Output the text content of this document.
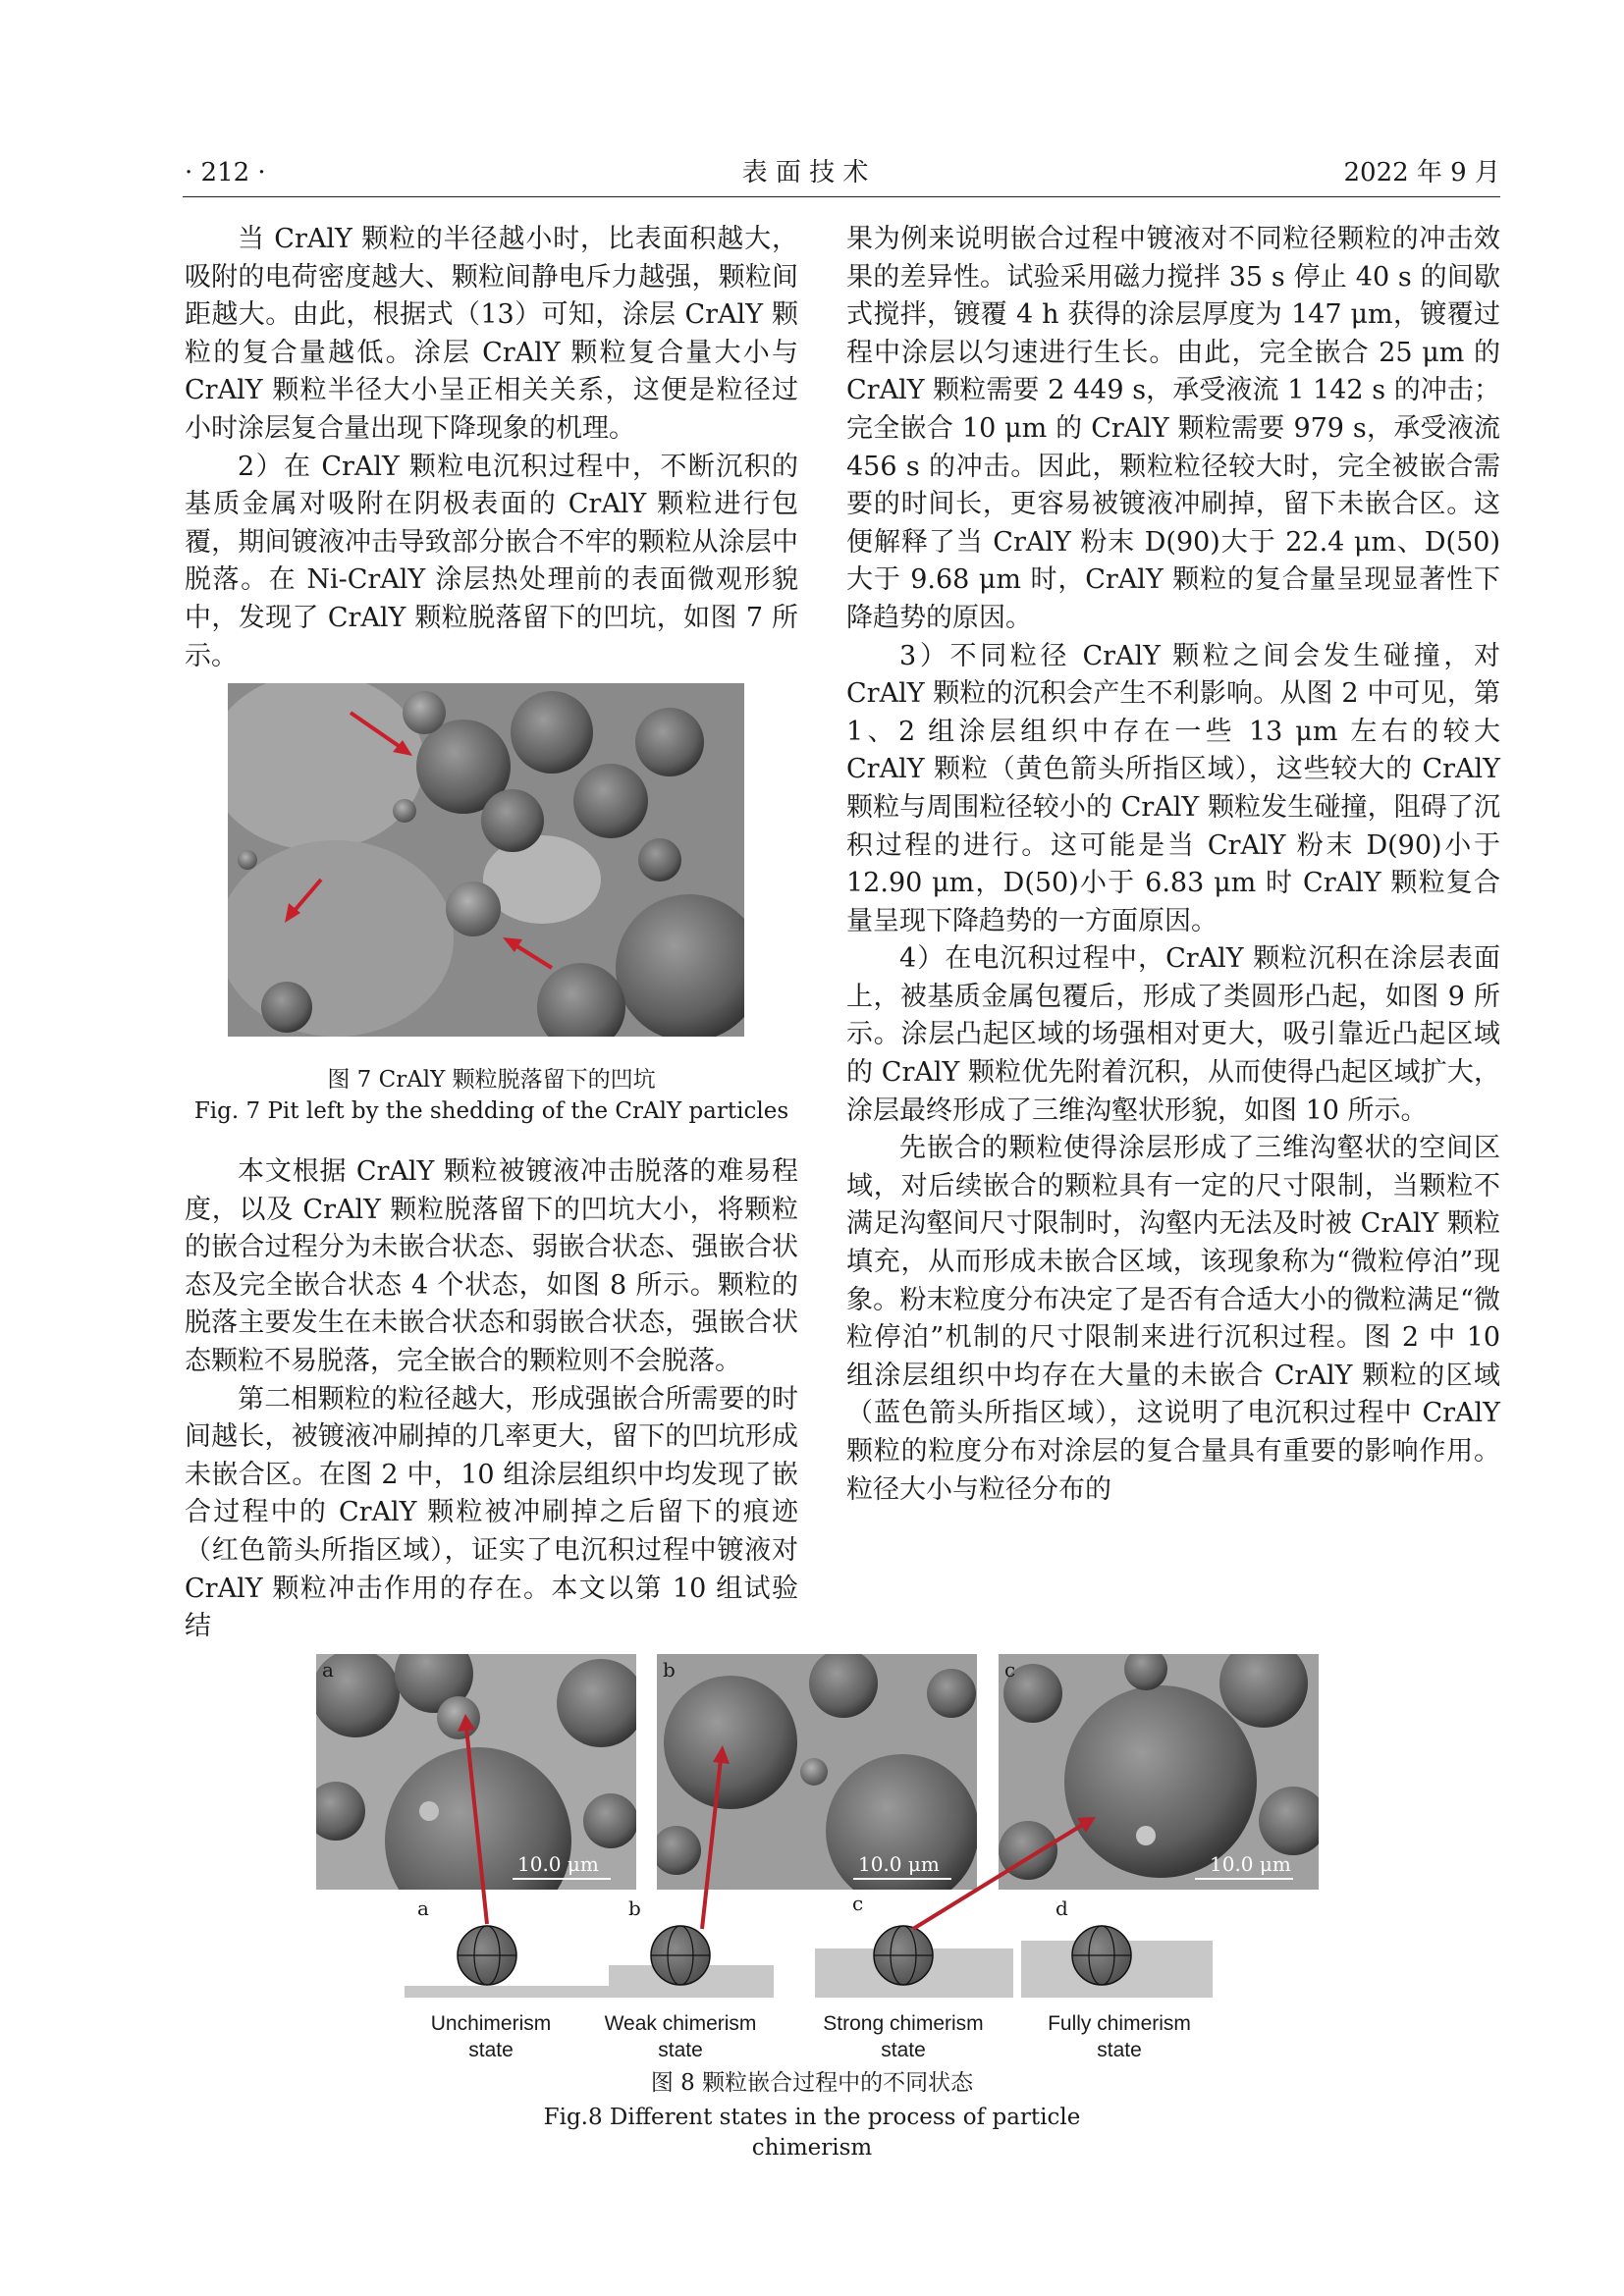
· 212 ·	表 面 技 术	2022 年 9 月

当 CrAlY 颗粒的半径越小时，比表面积越大，吸附的电荷密度越大、颗粒间静电斥力越强，颗粒间距越大。由此，根据式（13）可知，涂层 CrAlY 颗粒的复合量越低。涂层 CrAlY 颗粒复合量大小与 CrAlY 颗粒半径大小呈正相关关系，这便是粒径过小时涂层复合量出现下降现象的机理。

2）在 CrAlY 颗粒电沉积过程中，不断沉积的基质金属对吸附在阴极表面的 CrAlY 颗粒进行包覆，期间镀液冲击导致部分嵌合不牢的颗粒从涂层中脱落。在 Ni-CrAlY 涂层热处理前的表面微观形貌中，发现了 CrAlY 颗粒脱落留下的凹坑，如图 7 所示。

图 7 CrAlY 颗粒脱落留下的凹坑
Fig. 7 Pit left by the shedding of the CrAlY particles

本文根据 CrAlY 颗粒被镀液冲击脱落的难易程度，以及 CrAlY 颗粒脱落留下的凹坑大小，将颗粒的嵌合过程分为未嵌合状态、弱嵌合状态、强嵌合状态及完全嵌合状态 4 个状态，如图 8 所示。颗粒的脱落主要发生在未嵌合状态和弱嵌合状态，强嵌合状态颗粒不易脱落，完全嵌合的颗粒则不会脱落。

第二相颗粒的粒径越大，形成强嵌合所需要的时间越长，被镀液冲刷掉的几率更大，留下的凹坑形成未嵌合区。在图 2 中，10 组涂层组织中均发现了嵌合过程中的 CrAlY 颗粒被冲刷掉之后留下的痕迹（红色箭头所指区域），证实了电沉积过程中镀液对 CrAlY 颗粒冲击作用的存在。本文以第 10 组试验结

果为例来说明嵌合过程中镀液对不同粒径颗粒的冲击效果的差异性。试验采用磁力搅拌 35 s 停止 40 s 的间歇式搅拌，镀覆 4 h 获得的涂层厚度为 147 μm，镀覆过程中涂层以匀速进行生长。由此，完全嵌合 25 μm 的 CrAlY 颗粒需要 2 449 s，承受液流 1 142 s 的冲击；完全嵌合 10 μm 的 CrAlY 颗粒需要 979 s，承受液流 456 s 的冲击。因此，颗粒粒径较大时，完全被嵌合需要的时间长，更容易被镀液冲刷掉，留下未嵌合区。这便解释了当 CrAlY 粉末 D(90)大于 22.4 μm、D(50)大于 9.68 μm 时，CrAlY 颗粒的复合量呈现显著性下降趋势的原因。

3）不同粒径 CrAlY 颗粒之间会发生碰撞，对 CrAlY 颗粒的沉积会产生不利影响。从图 2 中可见，第 1、2 组涂层组织中存在一些 13 μm 左右的较大 CrAlY 颗粒（黄色箭头所指区域），这些较大的 CrAlY 颗粒与周围粒径较小的 CrAlY 颗粒发生碰撞，阻碍了沉积过程的进行。这可能是当 CrAlY 粉末 D(90)小于 12.90 μm，D(50)小于 6.83 μm 时 CrAlY 颗粒复合量呈现下降趋势的一方面原因。

4）在电沉积过程中，CrAlY 颗粒沉积在涂层表面上，被基质金属包覆后，形成了类圆形凸起，如图 9 所示。涂层凸起区域的场强相对更大，吸引靠近凸起区域的 CrAlY 颗粒优先附着沉积，从而使得凸起区域扩大，涂层最终形成了三维沟壑状形貌，如图 10 所示。

先嵌合的颗粒使得涂层形成了三维沟壑状的空间区域，对后续嵌合的颗粒具有一定的尺寸限制，当颗粒不满足沟壑间尺寸限制时，沟壑内无法及时被 CrAlY 颗粒填充，从而形成未嵌合区域，该现象称为“微粒停泊”现象。粉末粒度分布决定了是否有合适大小的微粒满足“微粒停泊”机制的尺寸限制来进行沉积过程。图 2 中 10 组涂层组织中均存在大量的未嵌合 CrAlY 颗粒的区域（蓝色箭头所指区域），这说明了电沉积过程中 CrAlY 颗粒的粒度分布对涂层的复合量具有重要的影响作用。粒径大小与粒径分布的

a
10.0 μm
b
10.0 μm
c
10.0 μm
a	b	c	d
Unchimerism
state
Weak chimerism
state
Strong chimerism
state
Fully chimerism
state
图 8 颗粒嵌合过程中的不同状态
Fig.8 Different states in the process of particle chimerism
